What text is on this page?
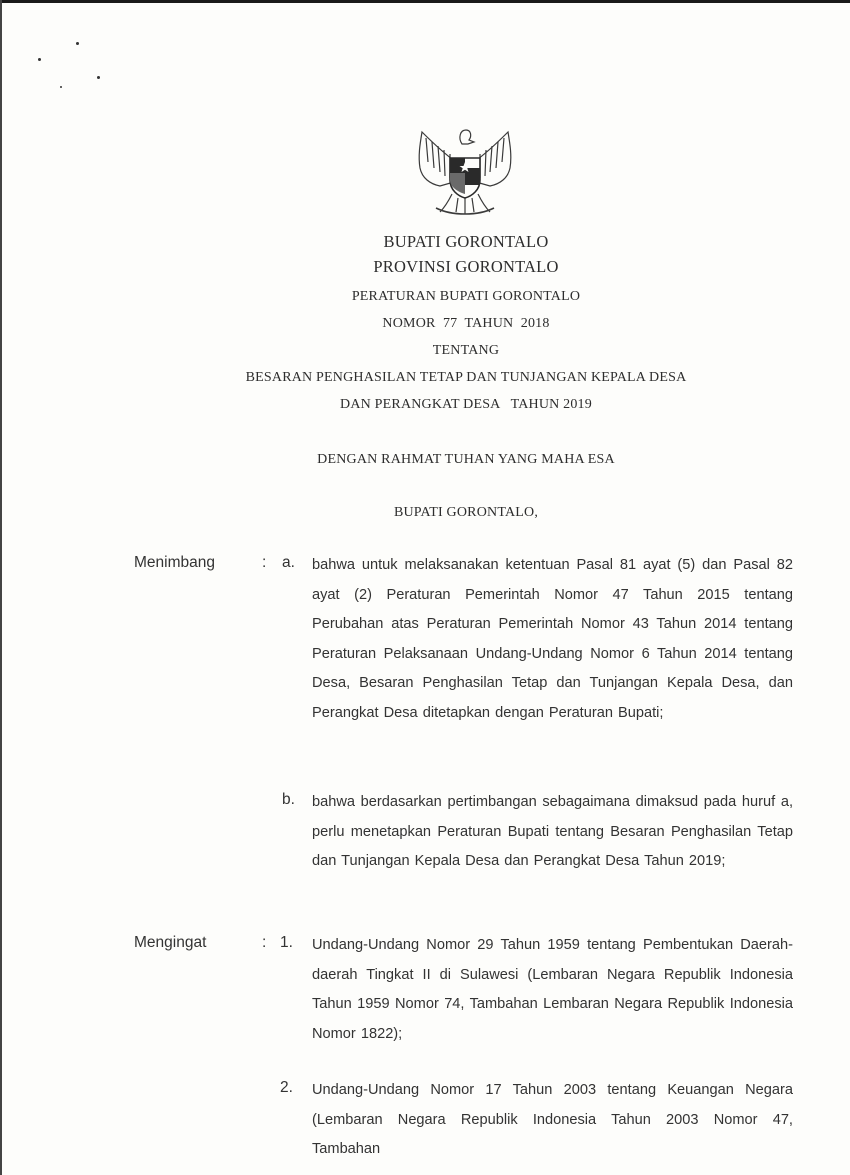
BUPATI GORONTALO
PROVINSI GORONTALO
PERATURAN BUPATI GORONTALO
NOMOR  77  TAHUN  2018
TENTANG
BESARAN PENGHASILAN TETAP DAN TUNJANGAN KEPALA DESA
DAN PERANGKAT DESA   TAHUN 2019
DENGAN RAHMAT TUHAN YANG MAHA ESA
BUPATI GORONTALO,
Menimbang	: a. bahwa untuk melaksanakan ketentuan Pasal 81 ayat (5) dan Pasal 82 ayat (2) Peraturan Pemerintah Nomor 47 Tahun 2015 tentang Perubahan atas Peraturan Pemerintah Nomor 43 Tahun 2014 tentang Peraturan Pelaksanaan Undang-Undang Nomor 6 Tahun 2014 tentang Desa, Besaran Penghasilan Tetap dan Tunjangan Kepala Desa, dan Perangkat Desa ditetapkan dengan Peraturan Bupati;
b. bahwa berdasarkan pertimbangan sebagaimana dimaksud pada huruf a, perlu menetapkan Peraturan Bupati tentang Besaran Penghasilan Tetap dan Tunjangan Kepala Desa dan Perangkat Desa Tahun 2019;
Mengingat	: 1. Undang-Undang Nomor 29 Tahun 1959 tentang Pembentukan Daerah-daerah Tingkat II di Sulawesi (Lembaran Negara Republik Indonesia Tahun 1959 Nomor 74, Tambahan Lembaran Negara Republik Indonesia Nomor 1822);
2. Undang-Undang Nomor 17 Tahun 2003 tentang Keuangan Negara (Lembaran Negara Republik Indonesia Tahun 2003 Nomor 47, Tambahan
